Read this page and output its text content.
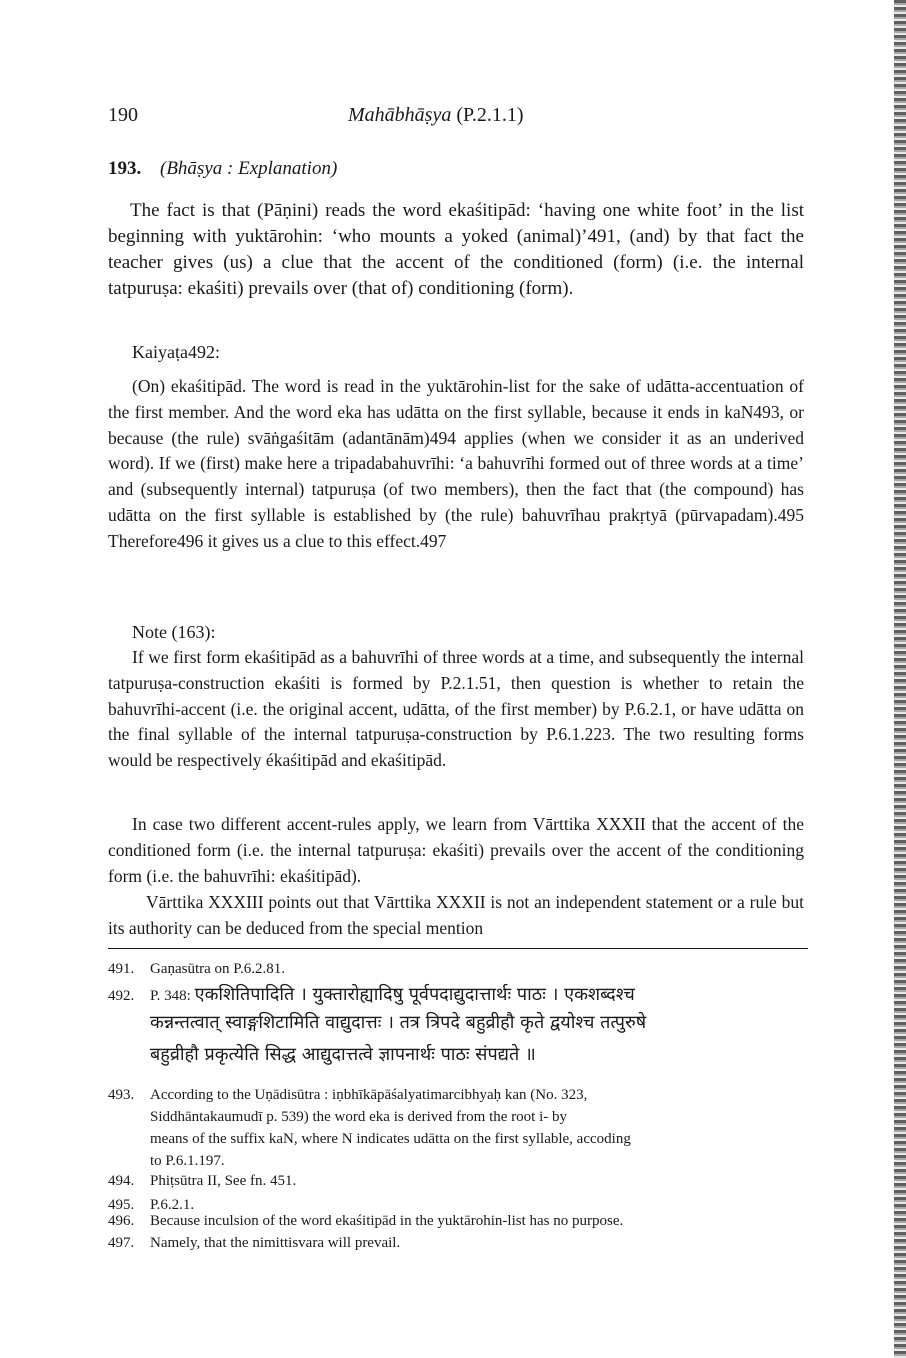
190	Mahābhāṣya (P.2.1.1)
193. (Bhāṣya : Explanation)

The fact is that (Pāṇini) reads the word ekaśitipād: ‘having one white foot’ in the list beginning with yuktārohin: ‘who mounts a yoked (animal)’491, (and) by that fact the teacher gives (us) a clue that the accent of the conditioned (form) (i.e. the internal tatpuruṣa: ekaśiti) prevails over (that of) conditioning (form).

Kaiyaṭa492:

(On) ekaśitipād. The word is read in the yuktārohin-list for the sake of udātta-accentuation of the first member. And the word eka has udātta on the first syllable, because it ends in kaN493, or because (the rule) svāṅgaśitām (adantānām)494 applies (when we consider it as an underived word). If we (first) make here a tripadabahuvrīhi: ‘a bahuvrīhi formed out of three words at a time’ and (subsequently internal) tatpuruṣa (of two members), then the fact that (the compound) has udātta on the first syllable is established by (the rule) bahuvrīhau prakṛtyā (pūrvapadam).495 Therefore496 it gives us a clue to this effect.497

Note (163):

If we first form ekaśitipād as a bahuvrīhi of three words at a time, and subsequently the internal tatpuruṣa-construction ekaśiti is formed by P.2.1.51, then question is whether to retain the bahuvrīhi-accent (i.e. the original accent, udātta, of the first member) by P.6.2.1, or have udātta on the final syllable of the internal tatpuruṣa-construction by P.6.1.223. The two resulting forms would be respectively ékaśitipād and ekaśitipād.

In case two different accent-rules apply, we learn from Vārttika XXXII that the accent of the conditioned form (i.e. the internal tatpuruṣa: ekaśiti) prevails over the accent of the conditioning form (i.e. the bahuvrīhi: ekaśitipād).

Vārttika XXXIII points out that Vārttika XXXII is not an independent statement or a rule but its authority can be deduced from the special mention

491. Gaṇasūtra on P.6.2.81.
492. P. 348: एकशितिपादिति । युक्तारोह्यादिषु पूर्वपदाद्युदात्तार्थः पाठः । एकशब्दश्च
कन्नन्तत्वात् स्वाङ्गशिटामिति वाद्युदात्तः । तत्र त्रिपदे बहुव्रीहौ कृते द्वयोश्च तत्पुरुषे
बहुव्रीहौ प्रकृत्येति सिद्ध आद्युदात्तत्वे ज्ञापनार्थः पाठः संपद्यते ॥
493. According to the Uṇādisūtra : iṇbhīkāpāśalyatimarcibhyaḥ kan (No. 323,
Siddhāntakaumudī p. 539) the word eka is derived from the root i- by
means of the suffix kaN, where N indicates udātta on the first syllable, accoding
to P.6.1.197.
494. Phiṭsūtra II, See fn. 451.
495. P.6.2.1.
496. Because inculsion of the word ekaśitipād in the yuktārohin-list has no purpose.
497. Namely, that the nimittisvara will prevail.
